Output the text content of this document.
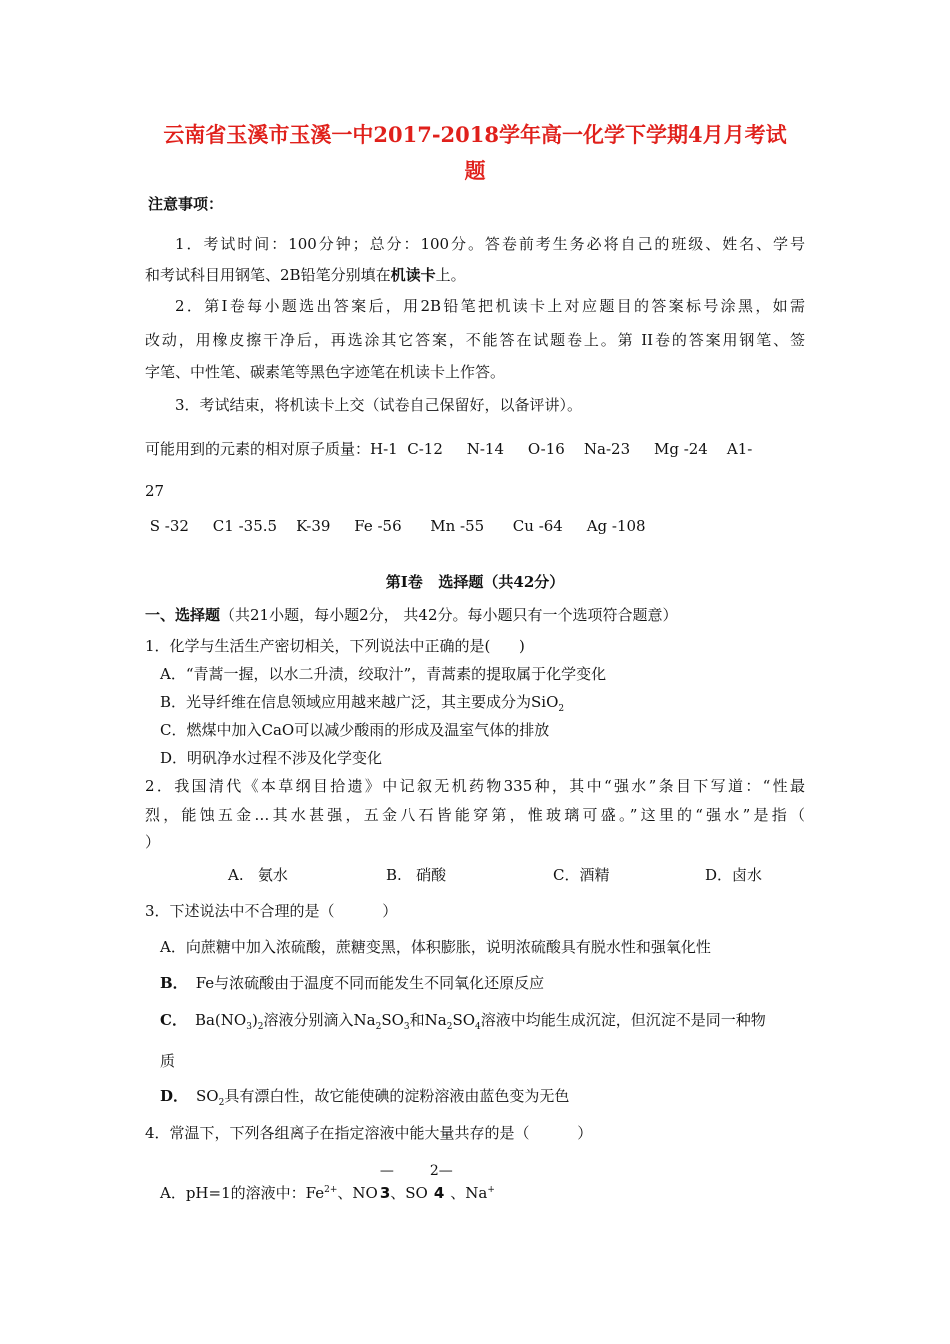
云南省玉溪市玉溪一中2017-2018学年高一化学下学期4月月考试
题
注意事项：
1．考试时间：100分钟；总分：100分。答卷前考生务必将自己的班级、姓名、学号
和考试科目用钢笔、2B铅笔分别填在机读卡上。
2．第Ⅰ卷每小题选出答案后，用2B铅笔把机读卡上对应题目的答案标号涂黑，如需
改动，用橡皮擦干净后，再选涂其它答案，不能答在试题卷上。第 II卷的答案用钢笔、签
字笔、中性笔、碳素笔等黑色字迹笔在机读卡上作答。
3．考试结束，将机读卡上交（试卷自己保留好，以备评讲）。
可能用到的元素的相对原子质量：H-1  C-12     N-14     O-16    Na-23     Mg -24    A1-
27
S -32     C1 -35.5    K-39     Fe -56      Mn -55      Cu -64     Ag -108
第Ⅰ卷   选择题（共42分）
一、选择题（共21小题，每小题2分， 共42分。每小题只有一个选项符合题意）
1．化学与生活生产密切相关，下列说法中正确的是(      )
A．“青蒿一握，以水二升渍，绞取汁”，青蒿素的提取属于化学变化
B．光导纤维在信息领域应用越来越广泛，其主要成分为SiO$_2$
C．燃煤中加入CaO可以减少酸雨的形成及温室气体的排放
D．明矾净水过程不涉及化学变化
2．我国清代《本草纲目拾遗》中记叙无机药物335种，其中“强水”条目下写道：“性最
烈，能蚀五金…其水甚强，五金八石皆能穿第，惟玻璃可盛。”这里的“强水”是指（
）
A.   氨水	B.   硝酸	C．酒精	D．卤水
3．下述说法中不合理的是（          ）
A．向蔗糖中加入浓硫酸，蔗糖变黑，体积膨胀，说明浓硫酸具有脱水性和强氧化性
B． Fe与浓硫酸由于温度不同而能发生不同氧化还原反应
C． $Ba(NO_3)_2$溶液分别滴入$Na_2SO_3$和$Na_2SO_4$溶液中均能生成沉淀，但沉淀不是同一种物
质
D． $SO_2$具有漂白性，故它能使碘的淀粉溶液由蓝色变为无色
4．常温下，下列各组离子在指定溶液中能大量共存的是（          ）
A．pH=1的溶液中：$Fe^{2+}$、NO
—
3、SO
2—
4 、Na+
